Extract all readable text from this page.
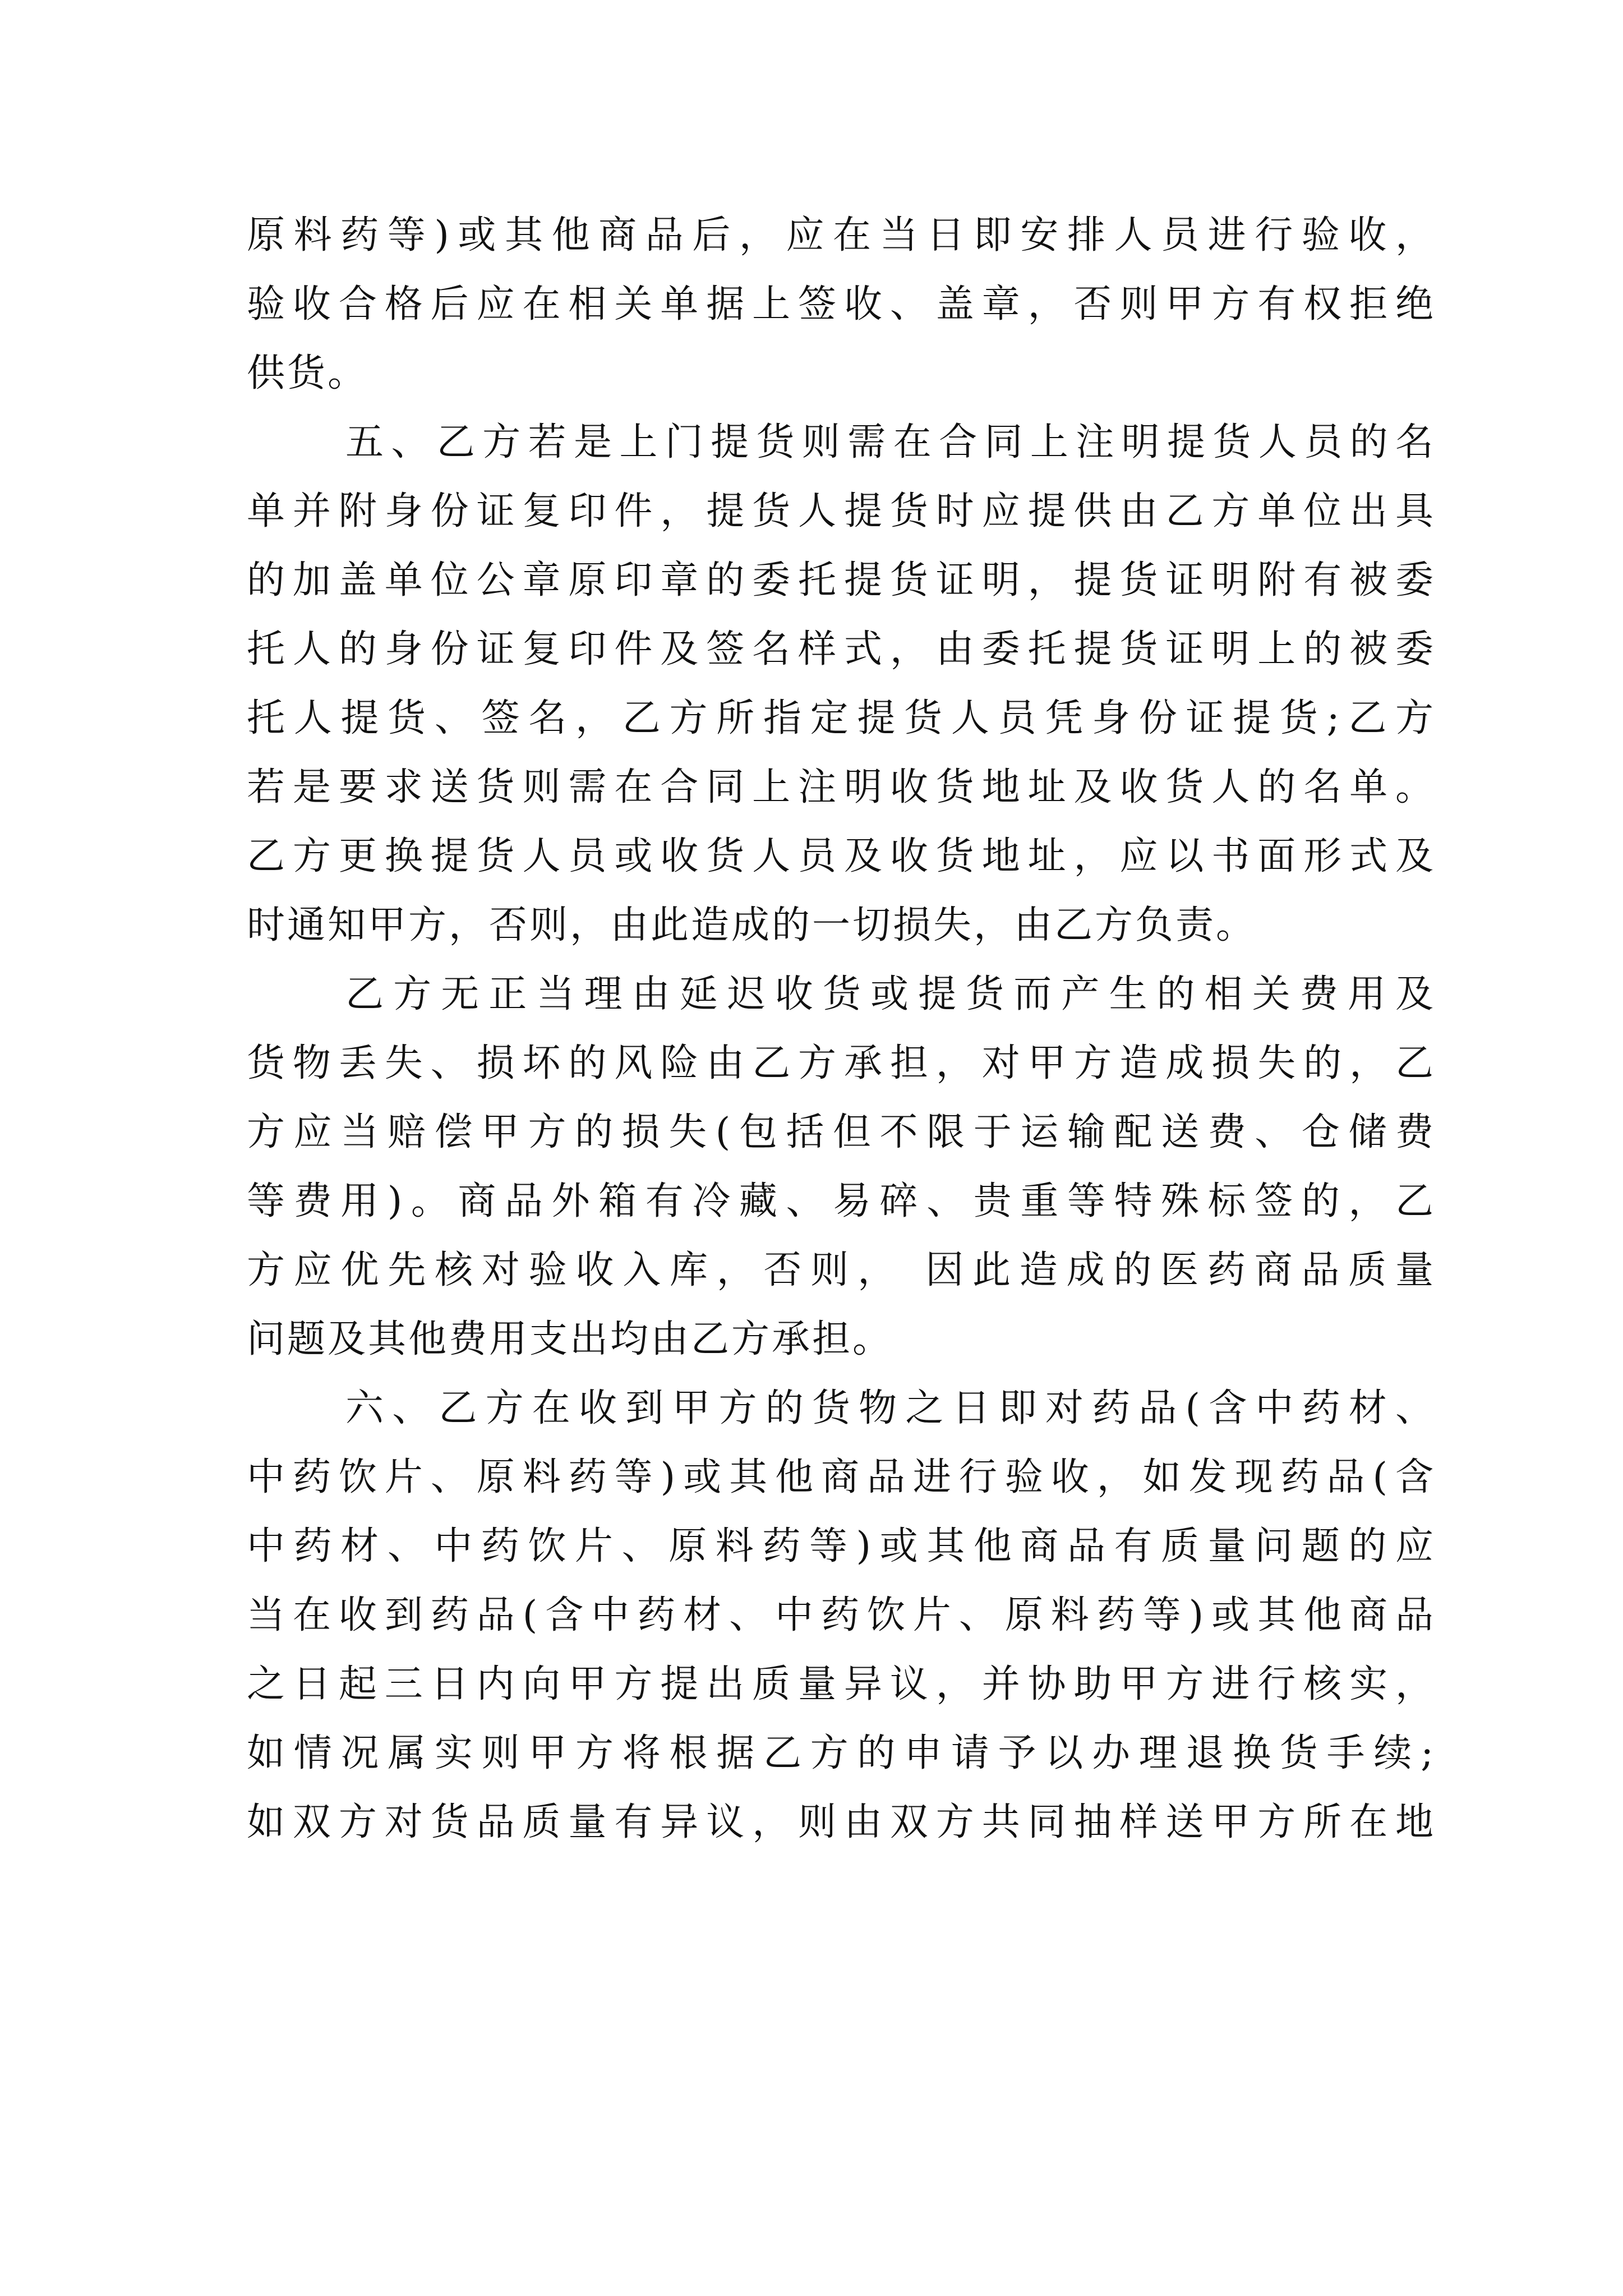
原料药等)或其他商品后，应在当日即安排人员进行验收，
验收合格后应在相关单据上签收、盖章，否则甲方有权拒绝
供货。
五、乙方若是上门提货则需在合同上注明提货人员的名
单并附身份证复印件，提货人提货时应提供由乙方单位出具
的加盖单位公章原印章的委托提货证明，提货证明附有被委
托人的身份证复印件及签名样式，由委托提货证明上的被委
托人提货、签名，乙方所指定提货人员凭身份证提货;乙方
若是要求送货则需在合同上注明收货地址及收货人的名单。
乙方更换提货人员或收货人员及收货地址，应以书面形式及
时通知甲方，否则，由此造成的一切损失，由乙方负责。
乙方无正当理由延迟收货或提货而产生的相关费用及
货物丢失、损坏的风险由乙方承担，对甲方造成损失的，乙
方应当赔偿甲方的损失(包括但不限于运输配送费、仓储费
等费用)。商品外箱有冷藏、易碎、贵重等特殊标签的，乙
方应优先核对验收入库，否则， 因此造成的医药商品质量
问题及其他费用支出均由乙方承担。
六、乙方在收到甲方的货物之日即对药品(含中药材、
中药饮片、原料药等)或其他商品进行验收，如发现药品(含
中药材、中药饮片、原料药等)或其他商品有质量问题的应
当在收到药品(含中药材、中药饮片、原料药等)或其他商品
之日起三日内向甲方提出质量异议，并协助甲方进行核实，
如情况属实则甲方将根据乙方的申请予以办理退换货手续;
如双方对货品质量有异议，则由双方共同抽样送甲方所在地
